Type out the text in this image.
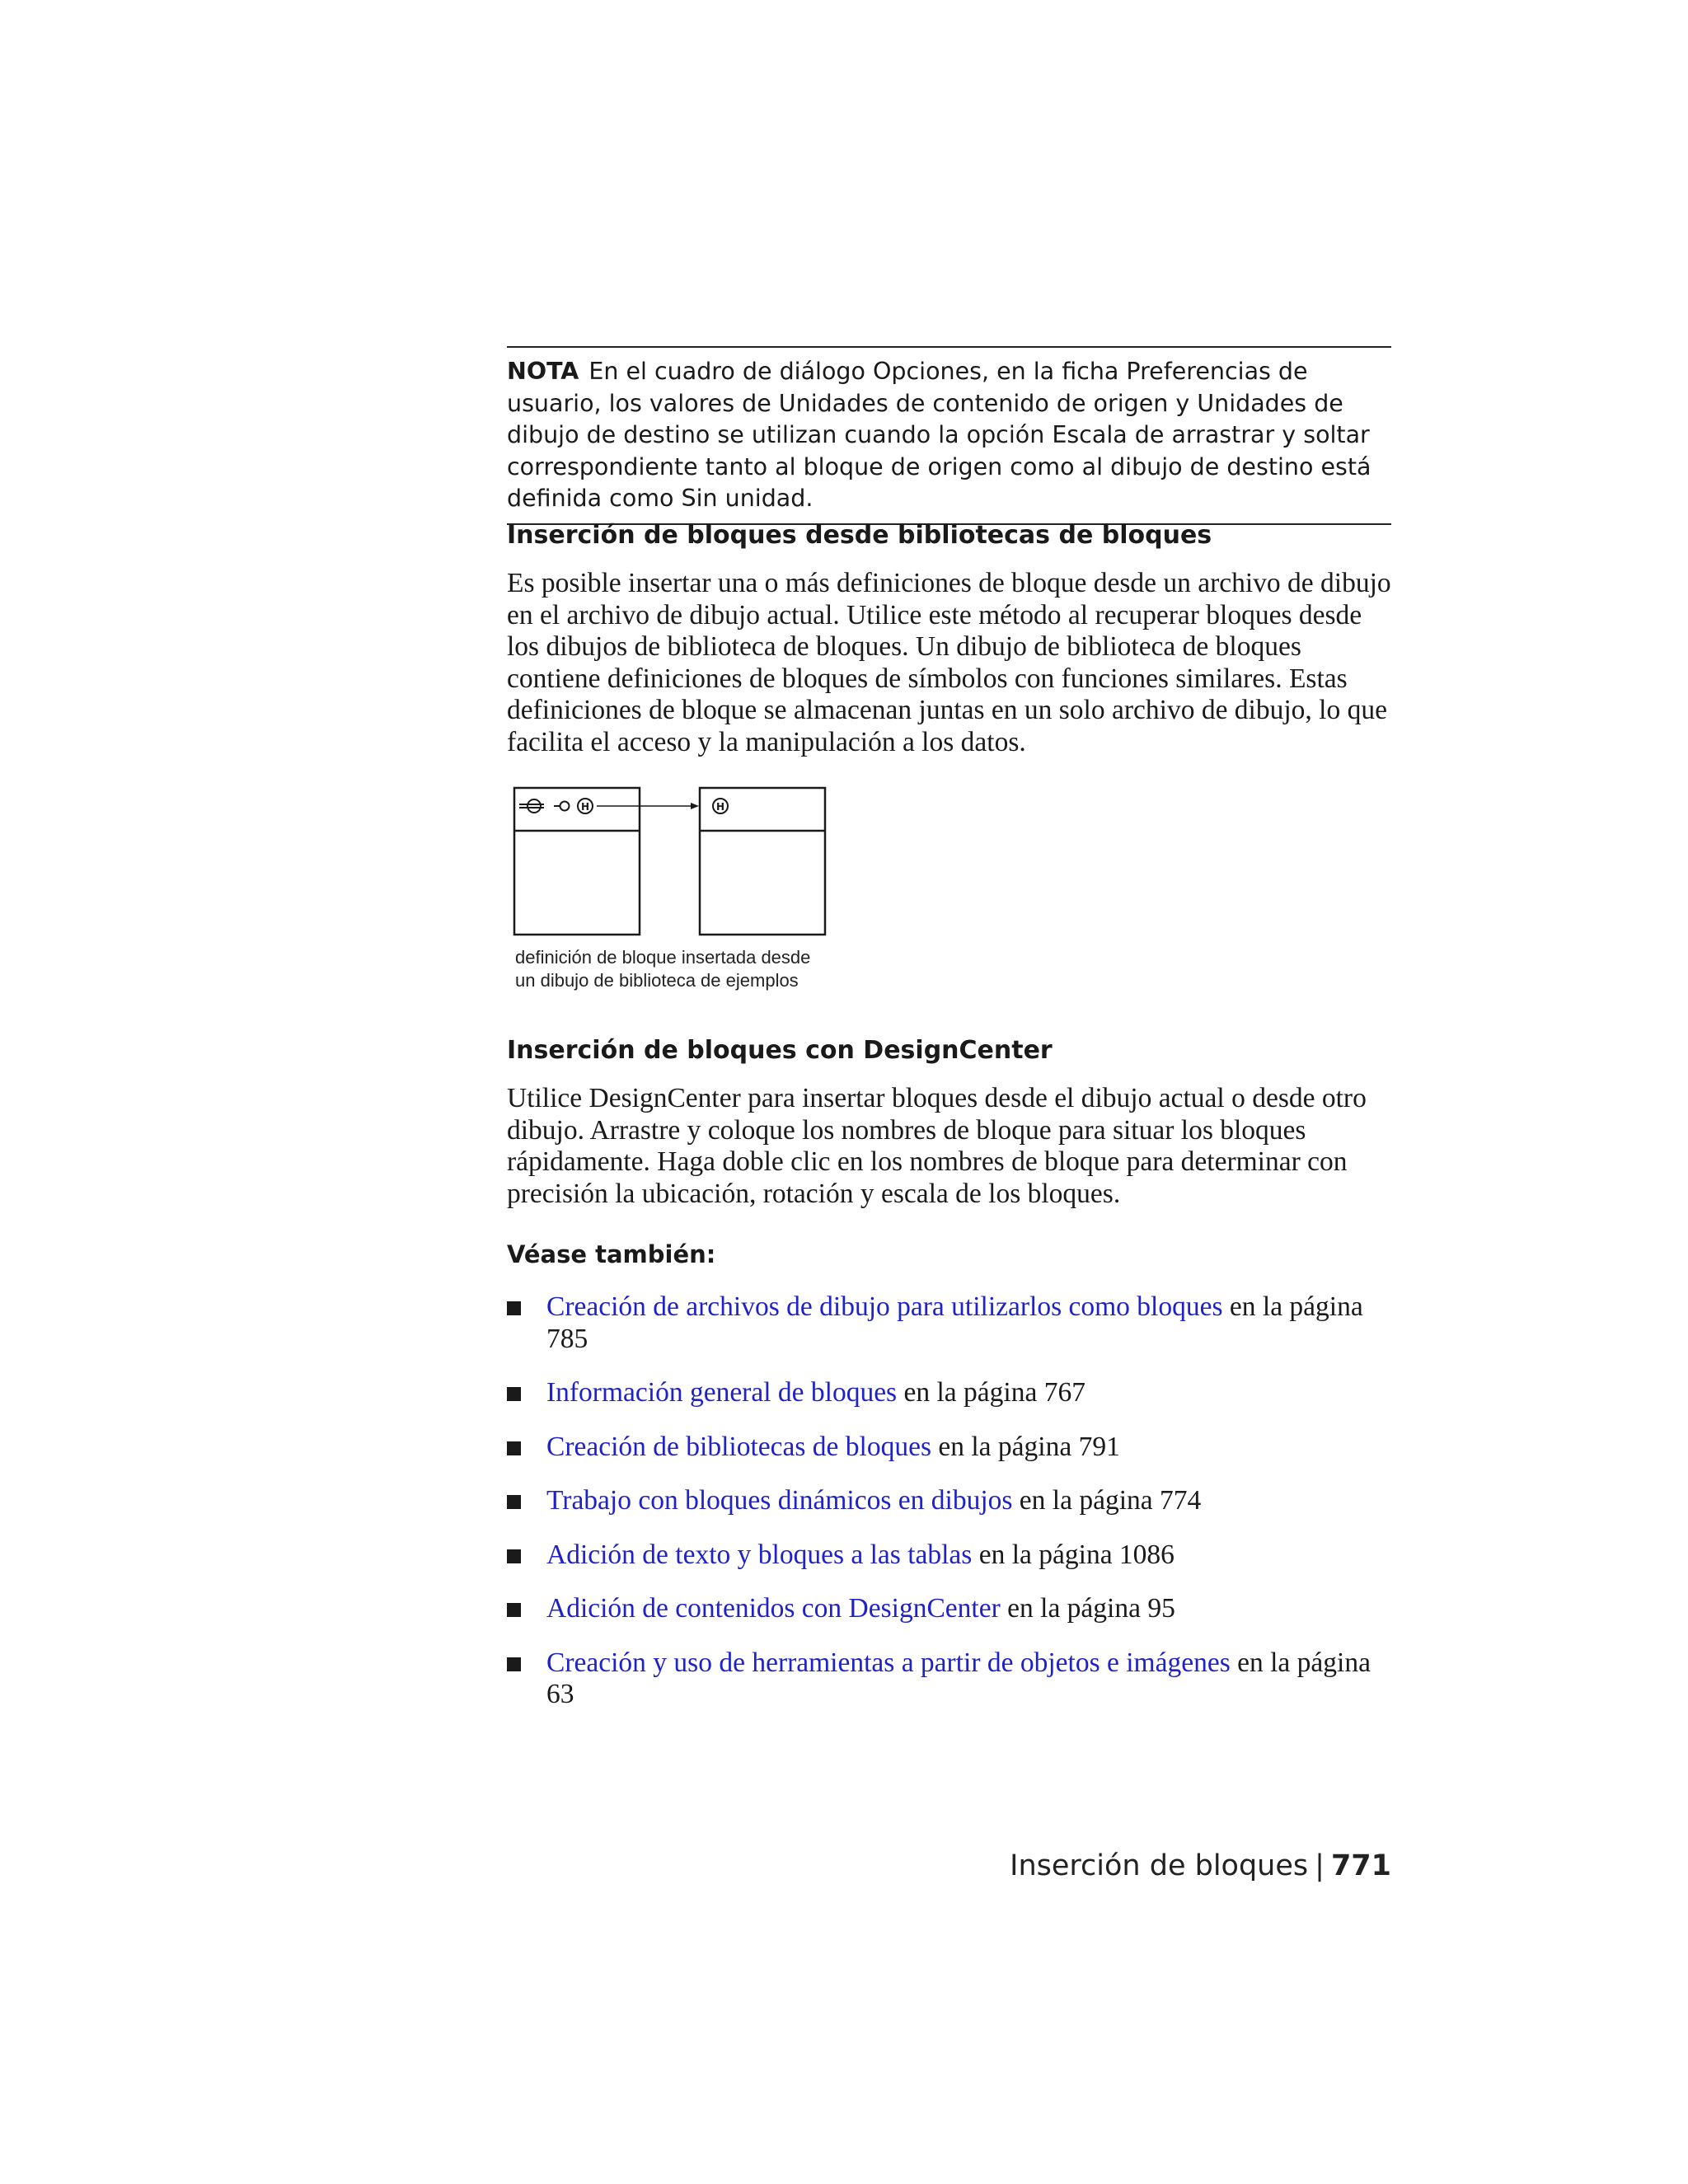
NOTA En el cuadro de diálogo Opciones, en la ficha Preferencias de usuario, los valores de Unidades de contenido de origen y Unidades de dibujo de destino se utilizan cuando la opción Escala de arrastrar y soltar correspondiente tanto al bloque de origen como al dibujo de destino está definida como Sin unidad.
Inserción de bloques desde bibliotecas de bloques
Es posible insertar una o más definiciones de bloque desde un archivo de dibujo en el archivo de dibujo actual. Utilice este método al recuperar bloques desde los dibujos de biblioteca de bloques. Un dibujo de biblioteca de bloques contiene definiciones de bloques de símbolos con funciones similares. Estas definiciones de bloque se almacenan juntas en un solo archivo de dibujo, lo que facilita el acceso y la manipulación a los datos.
H	H
definición de bloque insertada desde
un dibujo de biblioteca de ejemplos
Inserción de bloques con DesignCenter
Utilice DesignCenter para insertar bloques desde el dibujo actual o desde otro dibujo. Arrastre y coloque los nombres de bloque para situar los bloques rápidamente. Haga doble clic en los nombres de bloque para determinar con precisión la ubicación, rotación y escala de los bloques.
Véase también:
Creación de archivos de dibujo para utilizarlos como bloques en la página 785
Información general de bloques en la página 767
Creación de bibliotecas de bloques en la página 791
Trabajo con bloques dinámicos en dibujos en la página 774
Adición de texto y bloques a las tablas en la página 1086
Adición de contenidos con DesignCenter en la página 95
Creación y uso de herramientas a partir de objetos e imágenes en la página 63
Inserción de bloques | 771
